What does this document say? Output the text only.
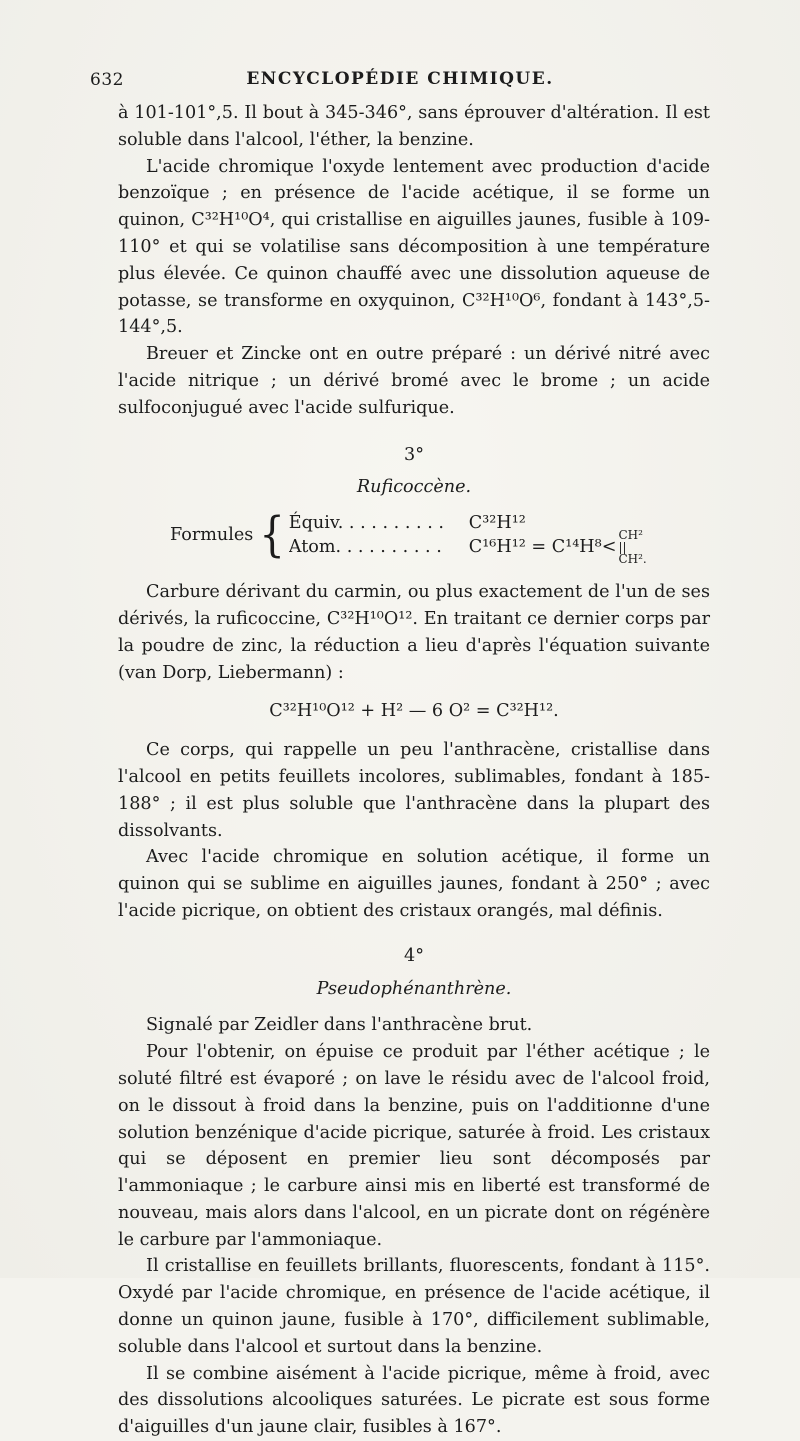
632	ENCYCLOPÉDIE CHIMIQUE.

à 101-101°,5. Il bout à 345-346°, sans éprouver d'altération. Il est soluble dans l'alcool, l'éther, la benzine.

L'acide chromique l'oxyde lentement avec production d'acide benzoïque ; en présence de l'acide acétique, il se forme un quinon, C³²H¹⁰O⁴, qui cristallise en aiguilles jaunes, fusible à 109-110° et qui se volatilise sans décomposition à une température plus élevée. Ce quinon chauffé avec une dissolution aqueuse de potasse, se transforme en oxyquinon, C³²H¹⁰O⁶, fondant à 143°,5-144°,5.

Breuer et Zincke ont en outre préparé : un dérivé nitré avec l'acide nitrique ; un dérivé bromé avec le brome ; un acide sulfoconjugué avec l'acide sulfurique.

3°
Ruficoccène.
Formules { Équiv. . . . . . . . . .	C³²H¹²
Atom. . . . . . . . . .	C¹⁶H¹² = C¹⁴H⁸<
CH²
||
CH².

Carbure dérivant du carmin, ou plus exactement de l'un de ses dérivés, la ruficoccine, C³²H¹⁰O¹². En traitant ce dernier corps par la poudre de zinc, la réduction a lieu d'après l'équation suivante (van Dorp, Liebermann) :

C³²H¹⁰O¹² + H² — 6 O² = C³²H¹².

Ce corps, qui rappelle un peu l'anthracène, cristallise dans l'alcool en petits feuillets incolores, sublimables, fondant à 185-188° ; il est plus soluble que l'anthracène dans la plupart des dissolvants.

Avec l'acide chromique en solution acétique, il forme un quinon qui se sublime en aiguilles jaunes, fondant à 250° ; avec l'acide picrique, on obtient des cristaux orangés, mal définis.

4°
Pseudophénanthrène.

Signalé par Zeidler dans l'anthracène brut.

Pour l'obtenir, on épuise ce produit par l'éther acétique ; le soluté filtré est évaporé ; on lave le résidu avec de l'alcool froid, on le dissout à froid dans la benzine, puis on l'additionne d'une solution benzénique d'acide picrique, saturée à froid. Les cristaux qui se déposent en premier lieu sont décomposés par l'ammoniaque ; le carbure ainsi mis en liberté est transformé de nouveau, mais alors dans l'alcool, en un picrate dont on régénère le carbure par l'ammoniaque.

Il cristallise en feuillets brillants, fluorescents, fondant à 115°. Oxydé par l'acide chromique, en présence de l'acide acétique, il donne un quinon jaune, fusible à 170°, difficilement sublimable, soluble dans l'alcool et surtout dans la benzine.

Il se combine aisément à l'acide picrique, même à froid, avec des dissolutions alcooliques saturées. Le picrate est sous forme d'aiguilles d'un jaune clair, fusibles à 167°.
